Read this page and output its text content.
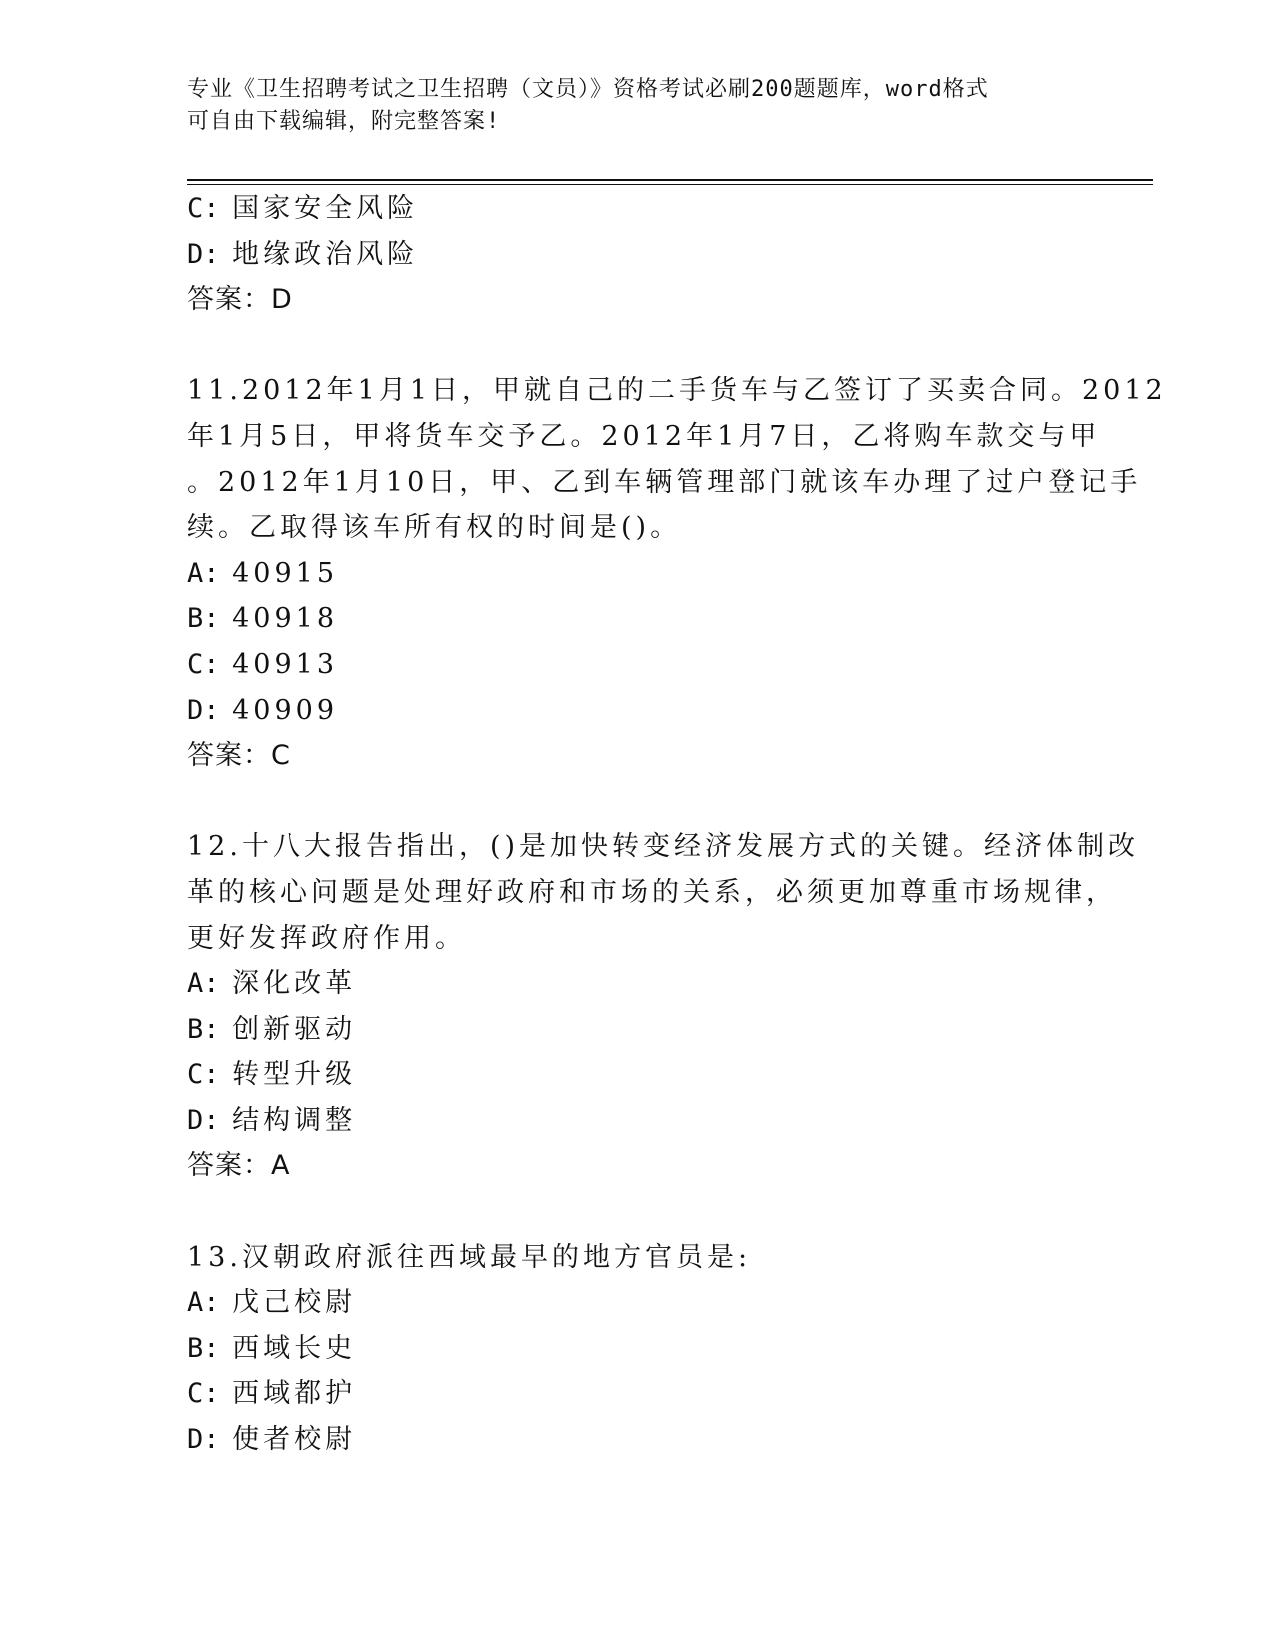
专业《卫生招聘考试之卫生招聘（文员）》资格考试必刷200题题库，word格式
可自由下载编辑，附完整答案!
C: 国家安全风险
D: 地缘政治风险
答案：D
11.2012年1月1日，甲就自己的二手货车与乙签订了买卖合同。2012
年1月5日，甲将货车交予乙。2012年1月7日，乙将购车款交与甲
。2012年1月10日，甲、乙到车辆管理部门就该车办理了过户登记手
续。乙取得该车所有权的时间是()。
A: 40915
B: 40918
C: 40913
D: 40909
答案：C
12.十八大报告指出，()是加快转变经济发展方式的关键。经济体制改
革的核心问题是处理好政府和市场的关系，必须更加尊重市场规律，
更好发挥政府作用。
A: 深化改革
B: 创新驱动
C: 转型升级
D: 结构调整
答案：A
13.汉朝政府派往西域最早的地方官员是:
A: 戊己校尉
B: 西域长史
C: 西域都护
D: 使者校尉
